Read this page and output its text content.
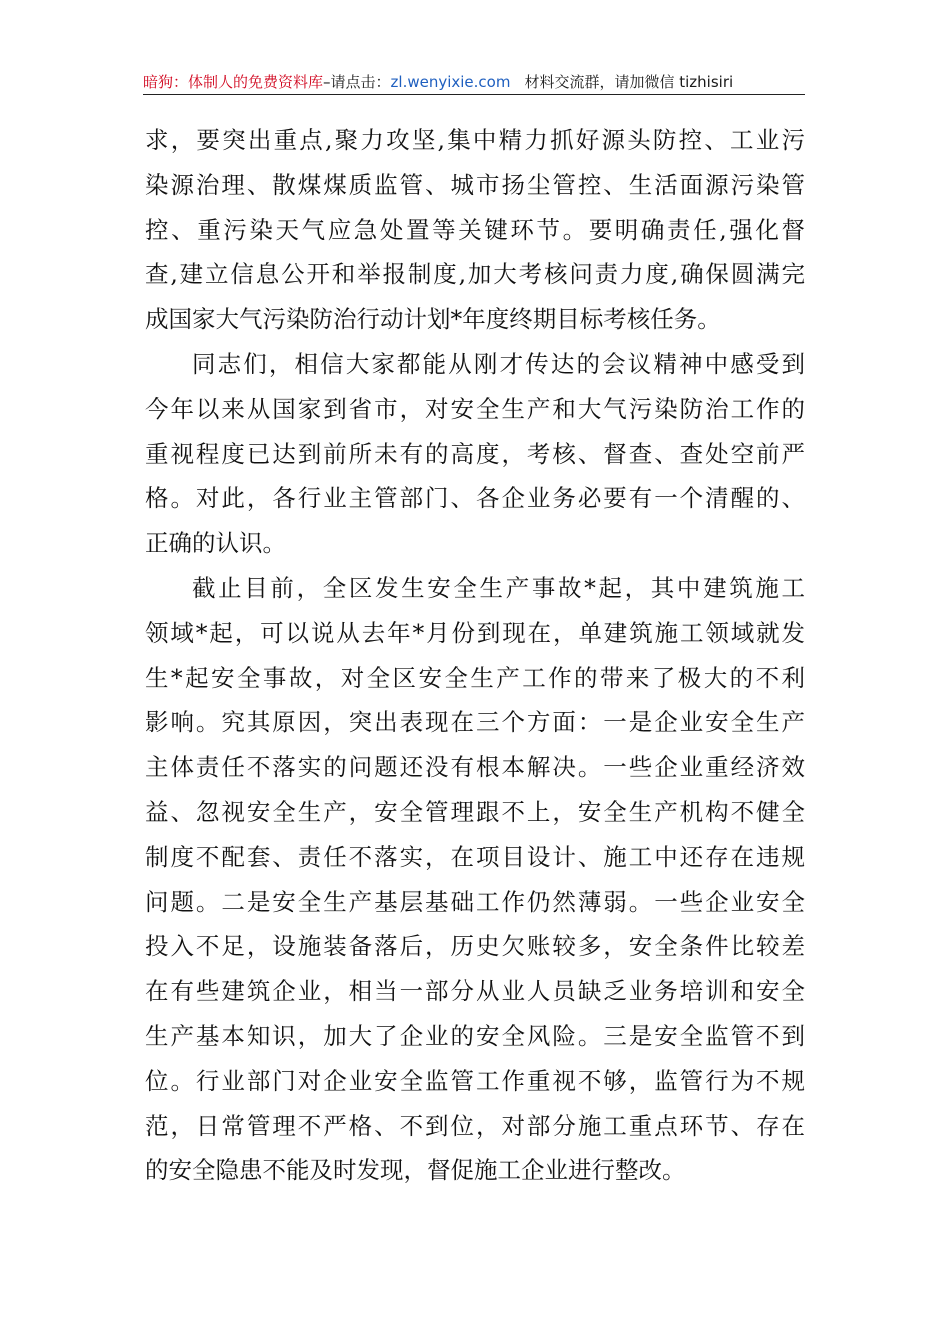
暗狗：体制人的免费资料库–请点击：zl.wenyixie.com 材料交流群，请加微信 tizhisiri
求，要突出重点,聚力攻坚,集中精力抓好源头防控、工业污
染源治理、散煤煤质监管、城市扬尘管控、生活面源污染管
控、重污染天气应急处置等关键环节。要明确责任,强化督
查,建立信息公开和举报制度,加大考核问责力度,确保圆满完
成国家大气污染防治行动计划*年度终期目标考核任务。
同志们，相信大家都能从刚才传达的会议精神中感受到
今年以来从国家到省市，对安全生产和大气污染防治工作的
重视程度已达到前所未有的高度，考核、督查、查处空前严
格。对此，各行业主管部门、各企业务必要有一个清醒的、
正确的认识。
截止目前，全区发生安全生产事故*起，其中建筑施工
领域*起，可以说从去年*月份到现在，单建筑施工领域就发
生*起安全事故，对全区安全生产工作的带来了极大的不利
影响。究其原因，突出表现在三个方面：一是企业安全生产
主体责任不落实的问题还没有根本解决。一些企业重经济效
益、忽视安全生产，安全管理跟不上，安全生产机构不健全
制度不配套、责任不落实，在项目设计、施工中还存在违规
问题。二是安全生产基层基础工作仍然薄弱。一些企业安全
投入不足，设施装备落后，历史欠账较多，安全条件比较差
在有些建筑企业，相当一部分从业人员缺乏业务培训和安全
生产基本知识，加大了企业的安全风险。三是安全监管不到
位。行业部门对企业安全监管工作重视不够，监管行为不规
范，日常管理不严格、不到位，对部分施工重点环节、存在
的安全隐患不能及时发现，督促施工企业进行整改。
